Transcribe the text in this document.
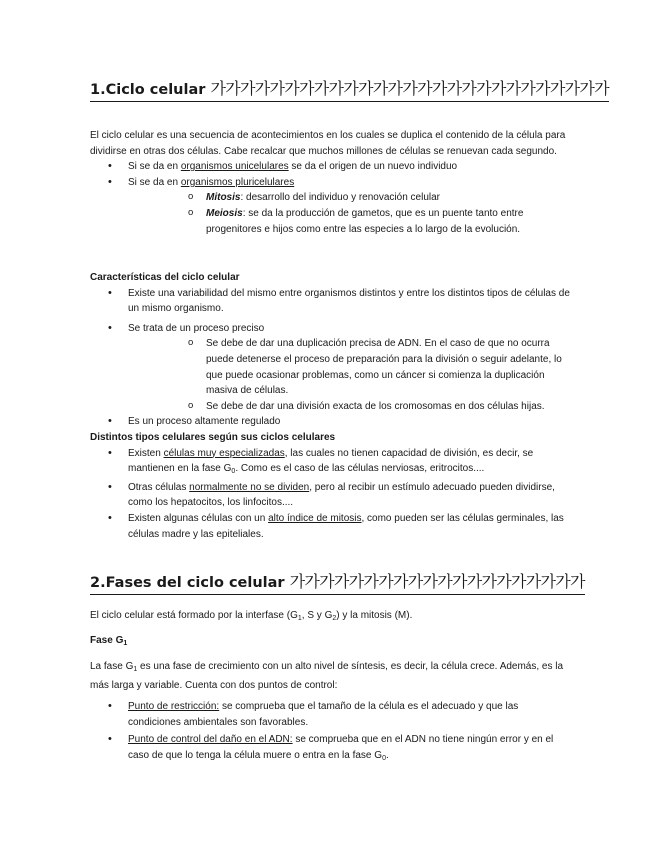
1.Ciclo celular 가가가가가가가가가가가가가가가가가가가가가가가가가가가

El ciclo celular es una secuencia de acontecimientos en los cuales se duplica el contenido de la célula para dividirse en otras dos células. Cabe recalcar que muchos millones de células se renuevan cada segundo.

• Si se da en organismos unicelulares se da el origen de un nuevo individuo
• Si se da en organismos pluricelulares
o Mitosis: desarrollo del individuo y renovación celular
o Meiosis: se da la producción de gametos, que es un puente tanto entre progenitores e hijos como entre las especies a lo largo de la evolución.

Características del ciclo celular

• Existe una variabilidad del mismo entre organismos distintos y entre los distintos tipos de células de un mismo organismo.
• Se trata de un proceso preciso
o Se debe de dar una duplicación precisa de ADN. En el caso de que no ocurra puede detenerse el proceso de preparación para la división o seguir adelante, lo que puede ocasionar problemas, como un cáncer si comienza la duplicación masiva de células.
o Se debe de dar una división exacta de los cromosomas en dos células hijas.
• Es un proceso altamente regulado

Distintos tipos celulares según sus ciclos celulares

• Existen células muy especializadas, las cuales no tienen capacidad de división, es decir, se mantienen en la fase $G_0$. Como es el caso de las células nerviosas, eritrocitos....
• Otras células normalmente no se dividen, pero al recibir un estímulo adecuado pueden dividirse, como los hepatocitos, los linfocitos....
• Existen algunas células con un alto índice de mitosis, como pueden ser las células germinales, las células madre y las epiteliales.
2.Fases del ciclo celular 가가가가가가가가가가가가가가가가가가가가

El ciclo celular está formado por la interfase ($G_1$, S y $G_2$) y la mitosis (M).

Fase $G_1$

La fase $G_1$ es una fase de crecimiento con un alto nivel de síntesis, es decir, la célula crece. Además, es la más larga y variable. Cuenta con dos puntos de control:

• Punto de restricción: se comprueba que el tamaño de la célula es el adecuado y que las condiciones ambientales son favorables.
• Punto de control del daño en el ADN: se comprueba que en el ADN no tiene ningún error y en el caso de que lo tenga la célula muere o entra en la fase $G_0$.
